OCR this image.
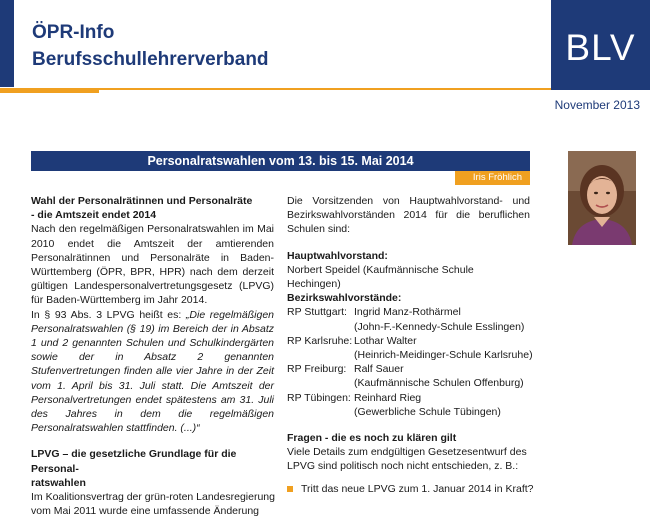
ÖPR-Info
Berufsschullehrerverband	BLV
November 2013
Personalratswahlen vom 13. bis 15. Mai 2014
Iris Fröhlich

Wahl der Personalrätinnen und Personalräte

- die Amtszeit endet 2014

Nach den regelmäßigen Personalratswahlen im Mai 2010 endet die Amtszeit der amtierenden Personalrätinnen und Personalräte in Baden-Württemberg (ÖPR, BPR, HPR) nach dem derzeit gültigen Landespersonalvertretungsgesetz (LPVG) für Baden-Württemberg im Jahr 2014.

In § 93 Abs. 3 LPVG heißt es: „Die regelmäßigen Personalratswahlen (§ 19) im Bereich der in Absatz 1 und 2 genannten Schulen und Schulkindergärten sowie der in Absatz 2 genannten Stufenvertretungen finden alle vier Jahre in der Zeit vom 1. April bis 31. Juli statt. Die Amtszeit der Personalvertretungen endet spätestens am 31. Juli des Jahres in dem die regelmäßigen Personalratswahlen stattfinden. (...)“

LPVG – die gesetzliche Grundlage für die Personal-

ratswahlen

Im Koalitionsvertrag der grün-roten Landesregierung

vom Mai 2011 wurde eine umfassende Änderung

Die Vorsitzenden von Hauptwahlvorstand- und Bezirkswahlvorständen 2014 für die beruflichen Schulen sind:

Hauptwahlvorstand:

Norbert Speidel (Kaufmännische Schule Hechingen)

Bezirkswahlvorstände:

RP Stuttgart: Ingrid Manz-Rothärmel

(John-F.-Kennedy-Schule Esslingen)

RP Karlsruhe: Lothar Walter

(Heinrich-Meidinger-Schule Karlsruhe)

RP Freiburg: Ralf Sauer

(Kaufmännische Schulen Offenburg)

RP Tübingen: Reinhard Rieg

(Gewerbliche Schule Tübingen)

Fragen - die es noch zu klären gilt

Viele Details zum endgültigen Gesetzesentwurf des LPVG sind politisch noch nicht entschieden, z. B.:

Tritt das neue LPVG zum 1. Januar 2014 in Kraft?
